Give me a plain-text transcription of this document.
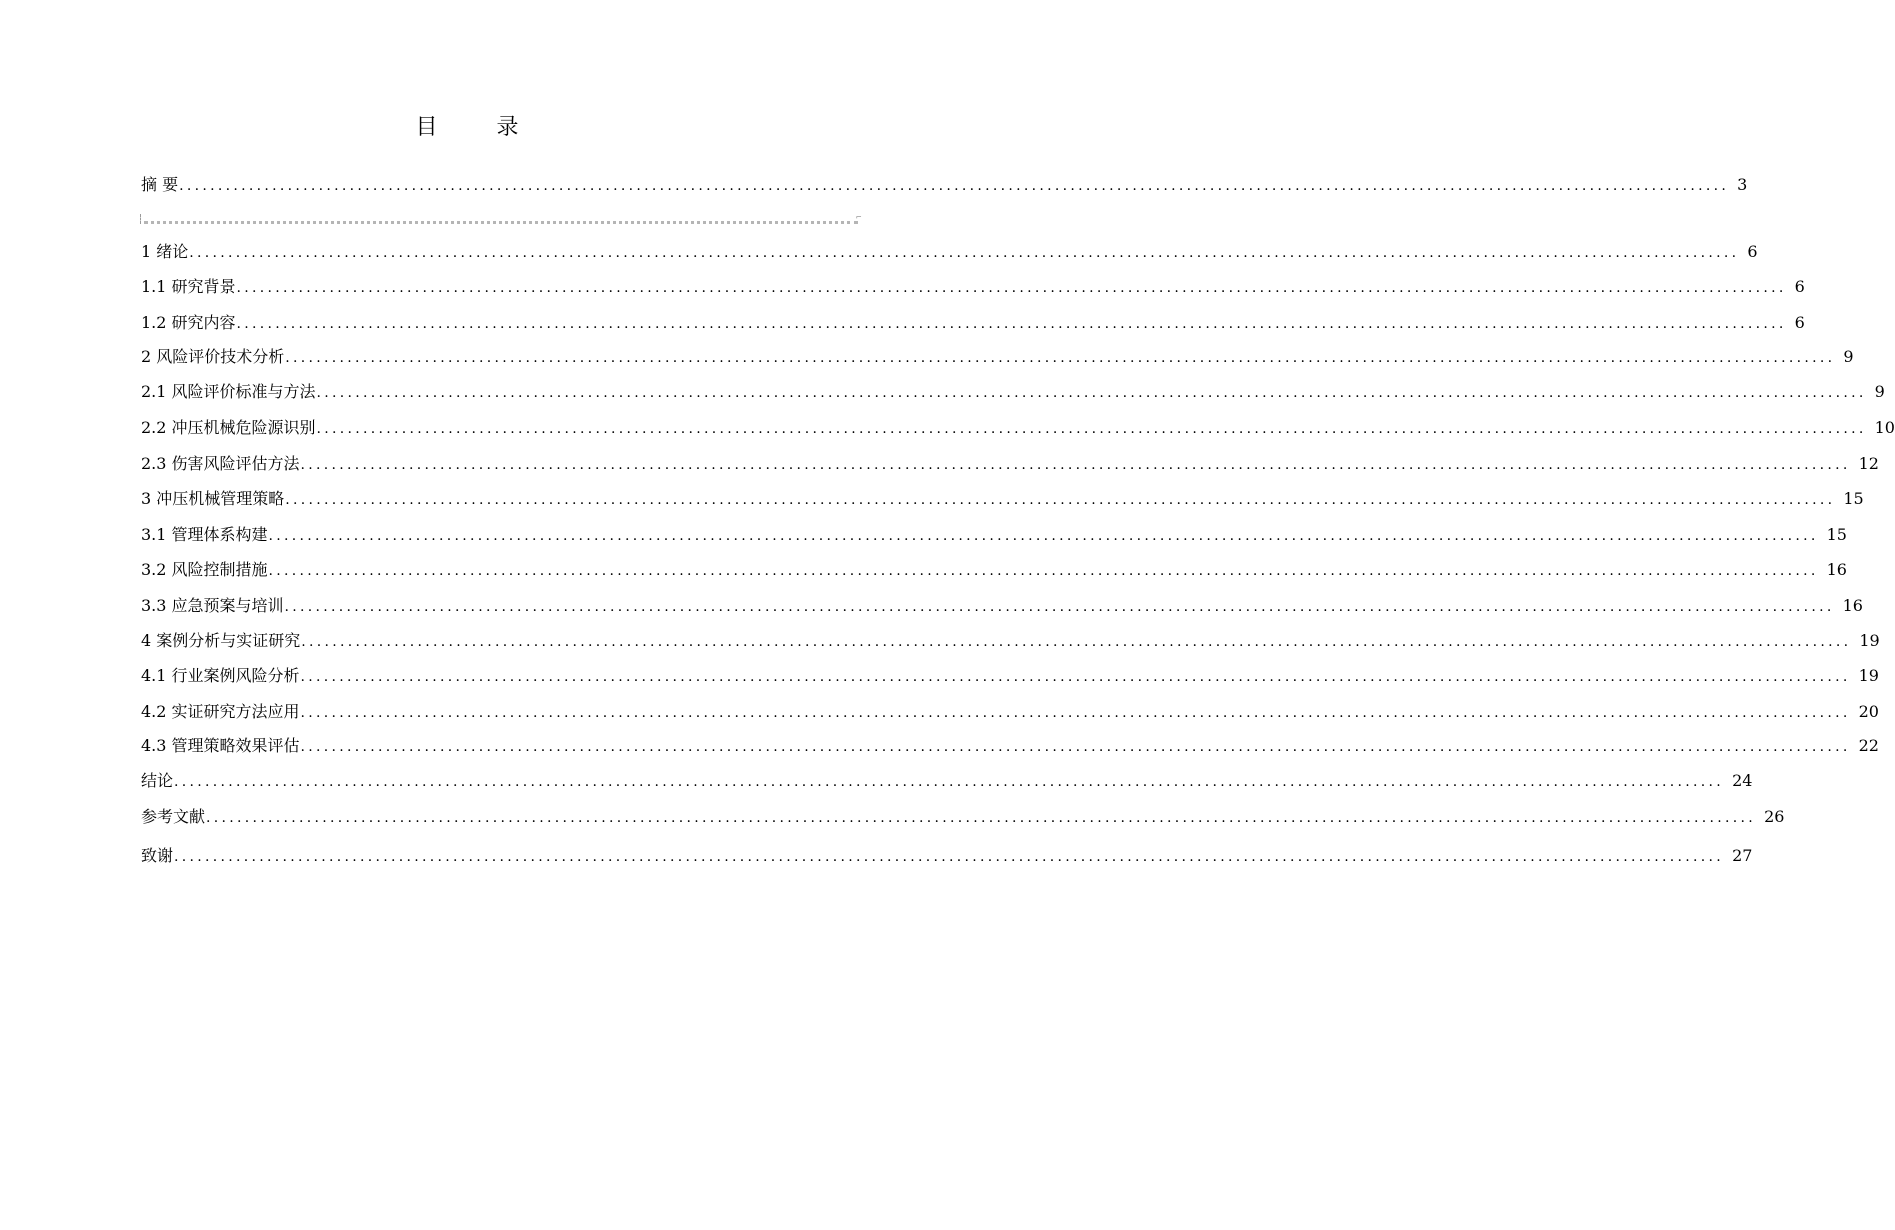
目 录
⌐
摘 要 ........................................................................................................................................................................................................ 3
1 绪论 ........................................................................................................................................................................................................ 6
1.1 研究背景 ........................................................................................................................................................................................................ 6
1.2 研究内容 ........................................................................................................................................................................................................ 6
2 风险评价技术分析 ........................................................................................................................................................................................................ 9
2.1 风险评价标准与方法 ........................................................................................................................................................................................................ 9
2.2 冲压机械危险源识别 ........................................................................................................................................................................................................ 10
2.3 伤害风险评估方法 ........................................................................................................................................................................................................ 12
3 冲压机械管理策略 ........................................................................................................................................................................................................ 15
3.1 管理体系构建 ........................................................................................................................................................................................................ 15
3.2 风险控制措施 ........................................................................................................................................................................................................ 16
3.3 应急预案与培训 ........................................................................................................................................................................................................ 16
4 案例分析与实证研究 ........................................................................................................................................................................................................ 19
4.1 行业案例风险分析 ........................................................................................................................................................................................................ 19
4.2 实证研究方法应用 ........................................................................................................................................................................................................ 20
4.3 管理策略效果评估 ........................................................................................................................................................................................................ 22
结论 ........................................................................................................................................................................................................ 24
参考文献 ........................................................................................................................................................................................................ 26
致谢 ........................................................................................................................................................................................................ 27
